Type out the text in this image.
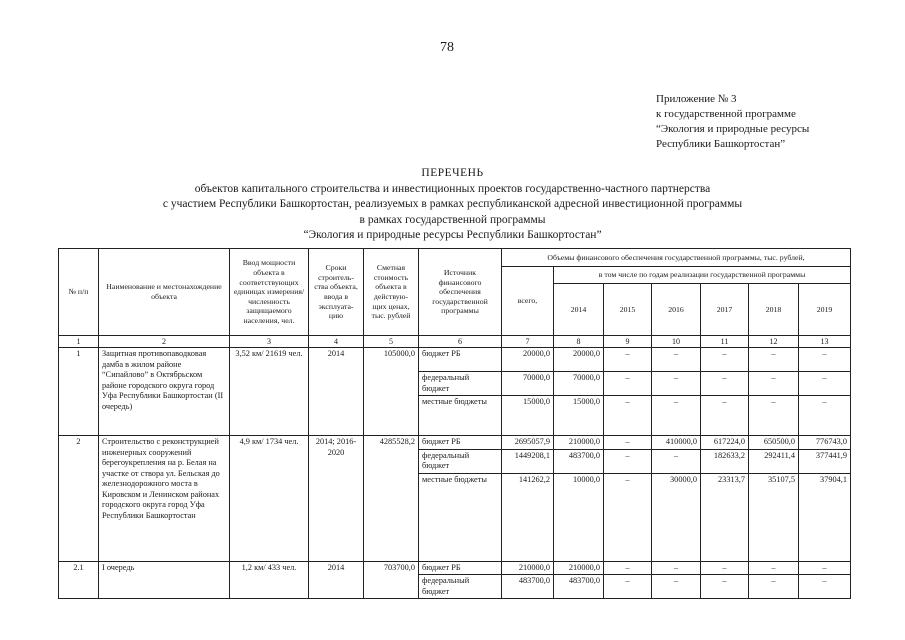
78
Приложение № 3
к государственной программе
“Экология и природные ресурсы
Республики Башкортостан”
ПЕРЕЧЕНЬ
объектов капитального строительства и инвестиционных проектов государственно-частного партнерства
с участием Республики Башкортостан, реализуемых в рамках республиканской адресной инвестиционной программы
в рамках государственной программы
“Экология и природные ресурсы Республики Башкортостан”
№ п/п	Наименование и местонахождение объекта	Ввод мощности объекта в соответствующих единицах измерения/ численность защищаемого населения, чел.	Сроки строитель-ства объекта, ввода в эксплуата-цию	Сметная стоимость объекта в действую-щих ценах, тыс. рублей	Источник финансового обеспечения государственной программы	Объемы финансового обеспечения государственной программы, тыс. рублей,						
						всего,	в том числе по годам реализации государственной программы					
							2014	2015	2016	2017	2018	2019
1	2	3	4	5	6	7	8	9	10	11	12	13
1	Защитная противопаводковая дамба в жилом районе “Сипайлово” в Октябрьском районе городского округа город Уфа Республики Башкортостан (II очередь)	3,52 км/ 21619 чел.	2014	105000,0	бюджет РБ	20000,0	20000,0	–	–	–	–	–
					федеральный бюджет	70000,0	70000,0	–	–	–	–	–
					местные бюджеты	15000,0	15000,0	–	–	–	–	–
2	Строительство с реконструкцией инженерных сооружений берегоукрепления на р. Белая на участке от створа ул. Бельская до железнодорожного моста в Кировском и Ленинском районах городского округа город Уфа Республики Башкортостан	4,9 км/ 1734 чел.	2014; 2016-2020	4285528,2	бюджет РБ	2695057,9	210000,0	–	410000,0	617224,0	650500,0	776743,0
					федеральный бюджет	1449208,1	483700,0	–	–	182633,2	292411,4	377441,9
					местные бюджеты	141262,2	10000,0	–	30000,0	23313,7	35107,5	37904,1
2.1	I очередь	1,2 км/ 433 чел.	2014	703700,0	бюджет РБ	210000,0	210000,0	–	–	–	–	–
					федеральный бюджет	483700,0	483700,0	–	–	–	–	–
